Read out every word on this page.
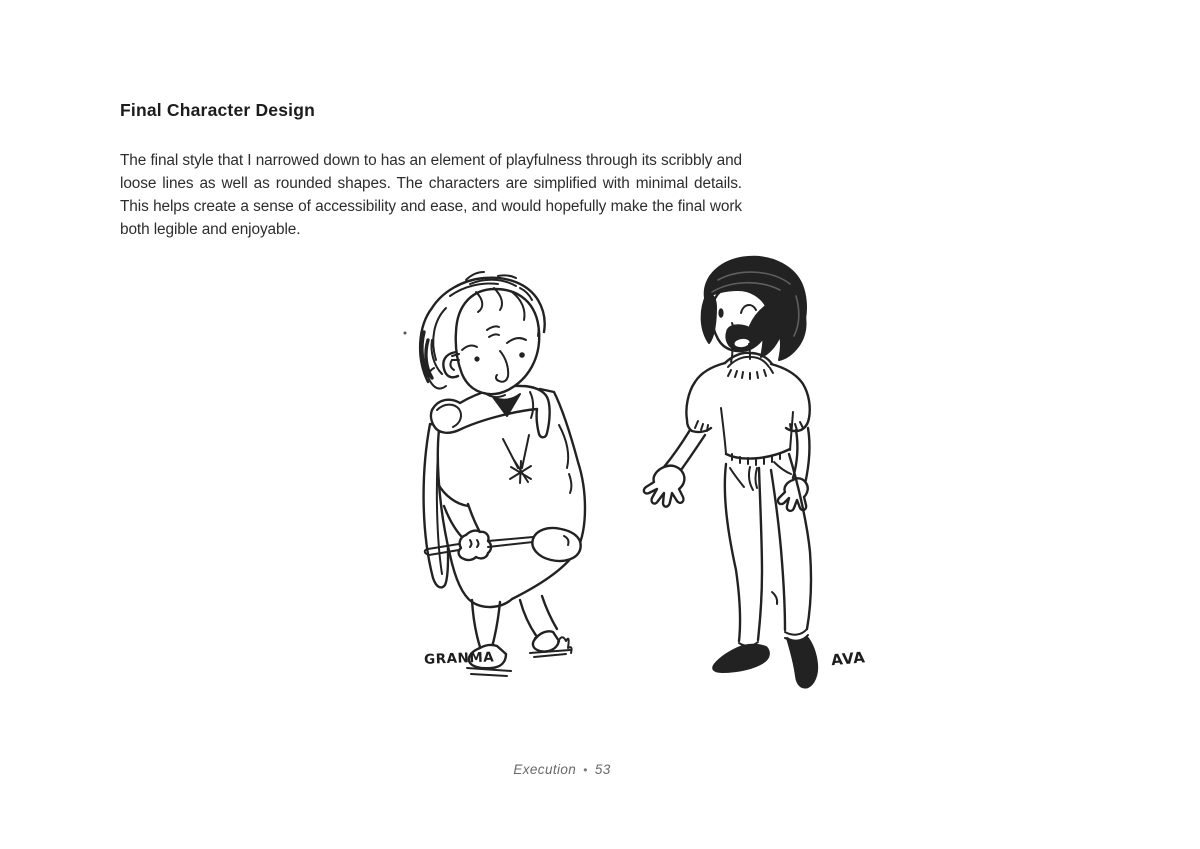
Final Character Design
The final style that I narrowed down to has an element of playfulness through its scribbly and loose lines as well as rounded shapes. The characters are simplified with minimal details. This helps create a sense of accessibility and ease, and would hopefully make the final work both legible and enjoyable.
GRANMA	AVA
Execution • 53
